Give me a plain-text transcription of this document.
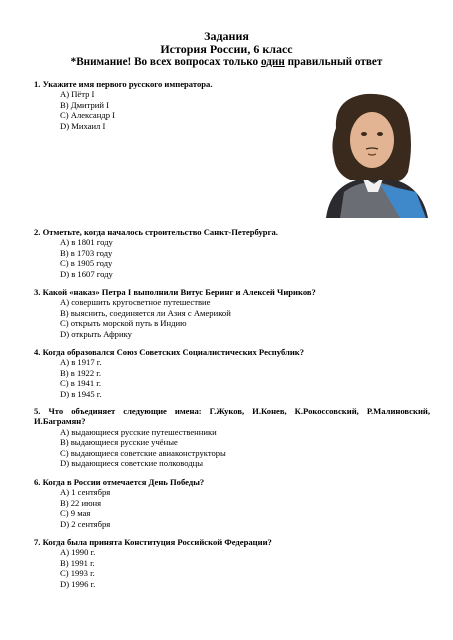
Задания
История России, 6 класс
*Внимание! Во всех вопросах только один правильный ответ
1. Укажите имя первого русского императора.
A) Пётр I
B) Дмитрий I
C) Александр I
D) Михаил I
2. Отметьте, когда началось строительство Санкт-Петербурга.
A) в 1801 году
B) в 1703 году
C) в 1905 году
D) в 1607 году
3. Какой «наказ» Петра I выполнили Витус Беринг и Алексей Чириков?
A) совершить кругосветное путешествие
B) выяснить, соединяется ли Азия с Америкой
C) открыть морской путь в Индию
D) открыть Африку
4. Когда образовался Союз Советских Социалистических Республик?
A) в 1917 г.
B) в 1922 г.
C) в 1941 г.
D) в 1945 г.
5. Что объединяет следующие имена: Г.Жуков, И.Конев, К.Рокоссовский, Р.Малиновский, И.Баграмян?
A) выдающиеся русские путешественники
B) выдающиеся русские учёные
C) выдающиеся советские авиаконструкторы
D) выдающиеся советские полководцы
6. Когда в России отмечается День Победы?
A) 1 сентября
B) 22 июня
C) 9 мая
D) 2 сентября
7. Когда была принята Конституция Российской Федерации?
A) 1990 г.
B) 1991 г.
C) 1993 г.
D) 1996 г.
